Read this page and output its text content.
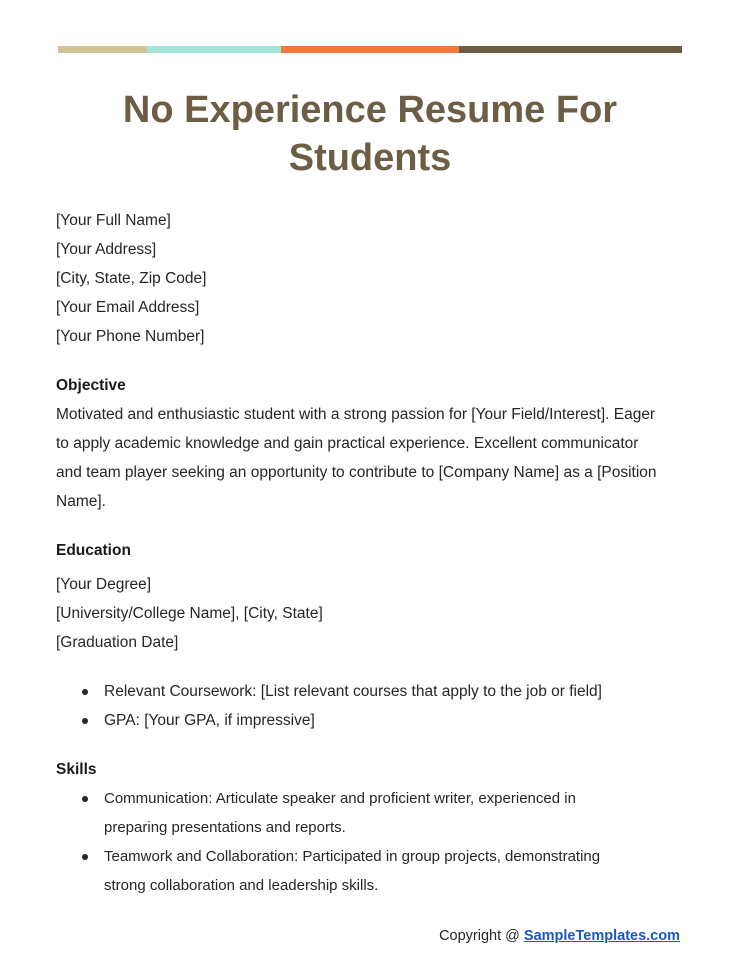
No Experience Resume For Students
[Your Full Name]
[Your Address]
[City, State, Zip Code]
[Your Email Address]
[Your Phone Number]
Objective
Motivated and enthusiastic student with a strong passion for [Your Field/Interest]. Eager
to apply academic knowledge and gain practical experience. Excellent communicator
and team player seeking an opportunity to contribute to [Company Name] as a [Position
Name].
Education
[Your Degree]
[University/College Name], [City, State]
[Graduation Date]
Relevant Coursework: [List relevant courses that apply to the job or field]
GPA: [Your GPA, if impressive]
Skills
Communication: Articulate speaker and proficient writer, experienced in
preparing presentations and reports.
Teamwork and Collaboration: Participated in group projects, demonstrating
strong collaboration and leadership skills.
Copyright @ SampleTemplates.com
